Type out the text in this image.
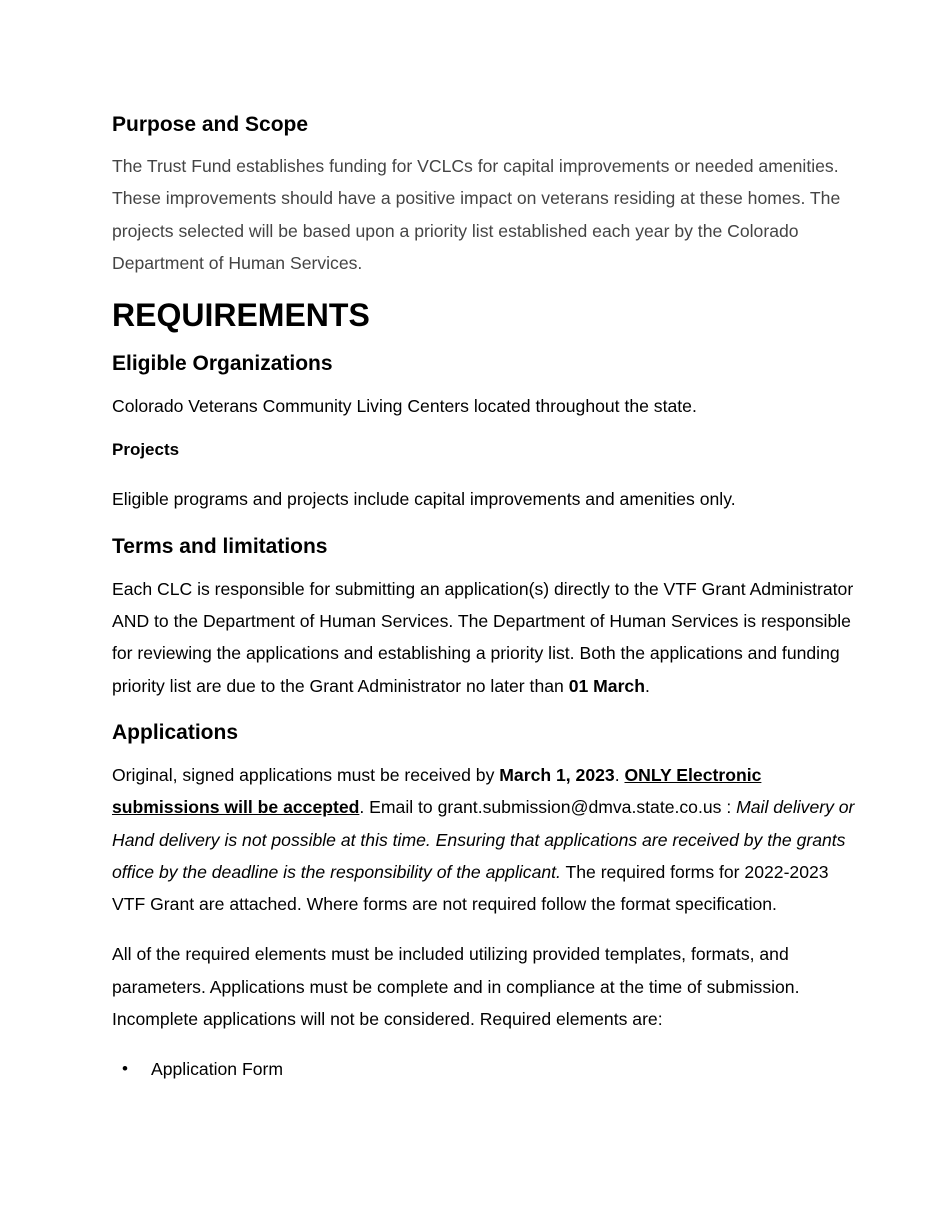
Purpose and Scope

The Trust Fund establishes funding for VCLCs for capital improvements or needed amenities. These improvements should have a positive impact on veterans residing at these homes. The projects selected will be based upon a priority list established each year by the Colorado Department of Human Services.

REQUIREMENTS
Eligible Organizations

Colorado Veterans Community Living Centers located throughout the state.

Projects

Eligible programs and projects include capital improvements and amenities only.

Terms and limitations

Each CLC is responsible for submitting an application(s) directly to the VTF Grant Administrator AND to the Department of Human Services. The Department of Human Services is responsible for reviewing the applications and establishing a priority list. Both the applications and funding priority list are due to the Grant Administrator no later than 01 March.

Applications

Original, signed applications must be received by March 1, 2023. ONLY Electronic submissions will be accepted. Email to grant.submission@dmva.state.co.us : Mail delivery or Hand delivery is not possible at this time. Ensuring that applications are received by the grants office by the deadline is the responsibility of the applicant. The required forms for 2022-2023 VTF Grant are attached. Where forms are not required follow the format specification.

All of the required elements must be included utilizing provided templates, formats, and parameters. Applications must be complete and in compliance at the time of submission. Incomplete applications will not be considered. Required elements are:

• Application Form
